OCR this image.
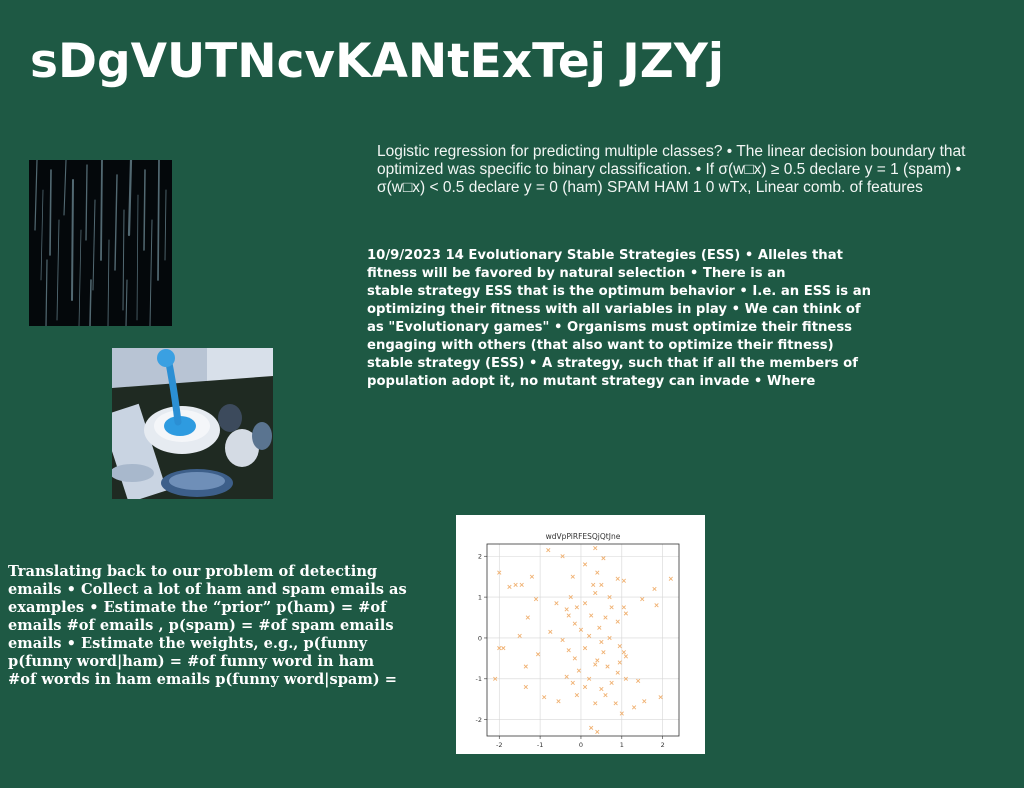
sDgVUTNcvKANtExTej JZYj
Logistic regression for predicting multiple classes? • The linear decision boundary that optimized was specific to binary classification. • If σ(w□x) ≥ 0.5 declare y = 1 (spam) • σ(w□x) < 0.5 declare y = 0 (ham) SPAM HAM 1 0 wTx, Linear comb. of features
10/9/2023 14 Evolutionary Stable Strategies (ESS) • Alleles that
fitness will be favored by natural selection • There is an
stable strategy ESS that is the optimum behavior • I.e. an ESS is an
optimizing their fitness with all variables in play • We can think of
as "Evolutionary games" • Organisms must optimize their fitness
engaging with others (that also want to optimize their fitness)
stable strategy (ESS) • A strategy, such that if all the members of
population adopt it, no mutant strategy can invade • Where
Translating back to our problem of detecting
emails • Collect a lot of ham and spam emails as
examples • Estimate the “prior” p(ham) = #of
emails #of emails , p(spam) = #of spam emails
emails • Estimate the weights, e.g., p(funny
p(funny word|ham) = #of funny word in ham
#of words in ham emails p(funny word|spam) =
wdVpPiRFESQjQtJne
-2	-1	0	1	2
2
1
0
-1
-2
